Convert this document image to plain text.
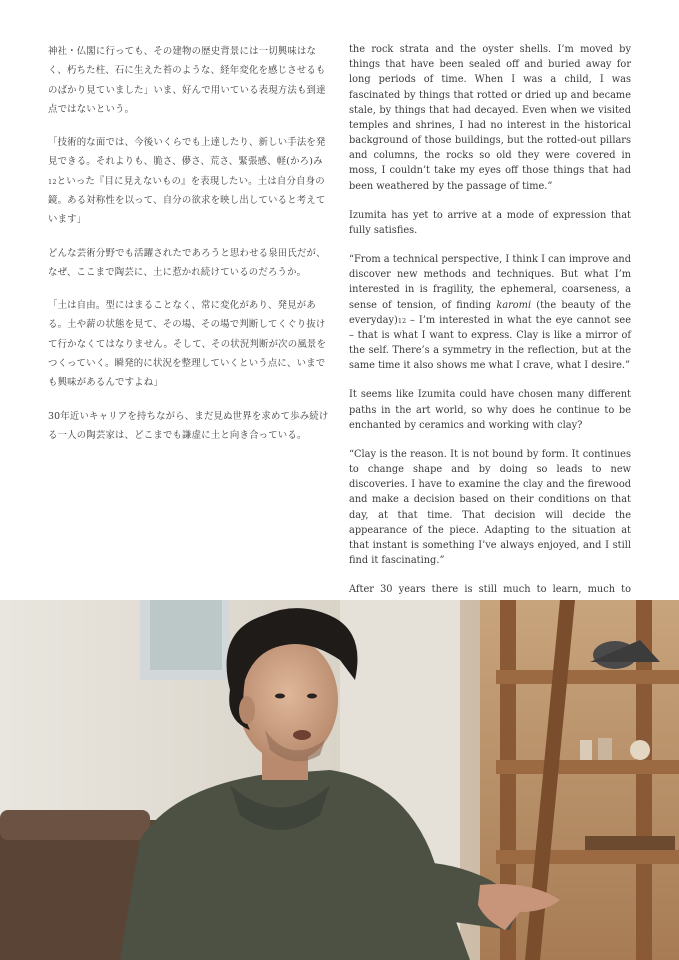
神社・仏閣に行っても、その建物の歴史背景には一切興味はなく、朽ちた柱、石に生えた苔のような、経年変化を感じさせるものばかり見ていました」いま、好んで用いている表現方法も到達点ではないという。

「技術的な面では、今後いくらでも上達したり、新しい手法を発見できる。それよりも、脆さ、儚さ、荒さ、緊張感、軽(かろ)み12といった『目に見えないもの』を表現したい。土は自分自身の鏡。ある対称性を以って、自分の欲求を映し出していると考えています」

どんな芸術分野でも活躍されたであろうと思わせる泉田氏だが、なぜ、ここまで陶芸に、土に惹かれ続けているのだろうか。

「土は自由。型にはまることなく、常に変化があり、発見がある。土や薪の状態を見て、その場、その場で判断してくぐり抜けて行かなくてはなりません。そして、その状況判断が次の風景をつくっていく。瞬発的に状況を整理していくという点に、いまでも興味があるんですよね」

30年近いキャリアを持ちながら、まだ見ぬ世界を求めて歩み続ける一人の陶芸家は、どこまでも謙虚に土と向き合っている。

the rock strata and the oyster shells. I’m moved by things that have been sealed off and buried away for long periods of time. When I was a child, I was fascinated by things that rotted or dried up and became stale, by things that had decayed. Even when we visited temples and shrines, I had no interest in the historical background of those buildings, but the rotted-out pillars and columns, the rocks so old they were covered in moss, I couldn’t take my eyes off those things that had been weathered by the passage of time.”

Izumita has yet to arrive at a mode of expression that fully satisfies.

“From a technical perspective, I think I can improve and discover new methods and techniques. But what I’m interested in is fragility, the ephemeral, coarseness, a sense of tension, of finding karomi (the beauty of the everyday)12 – I’m interested in what the eye cannot see – that is what I want to express. Clay is like a mirror of the self. There’s a symmetry in the reflection, but at the same time it also shows me what I crave, what I desire.”

It seems like Izumita could have chosen many different paths in the art world, so why does he continue to be enchanted by ceramics and working with clay?

“Clay is the reason. It is not bound by form. It continues to change shape and by doing so leads to new discoveries. I have to examine the clay and the firewood and make a decision based on their conditions on that day, at that time. That decision will decide the appearance of the piece. Adapting to the situation at that instant is something I’ve always enjoyed, and I still find it fascinating.”

After 30 years there is still much to learn, much to
